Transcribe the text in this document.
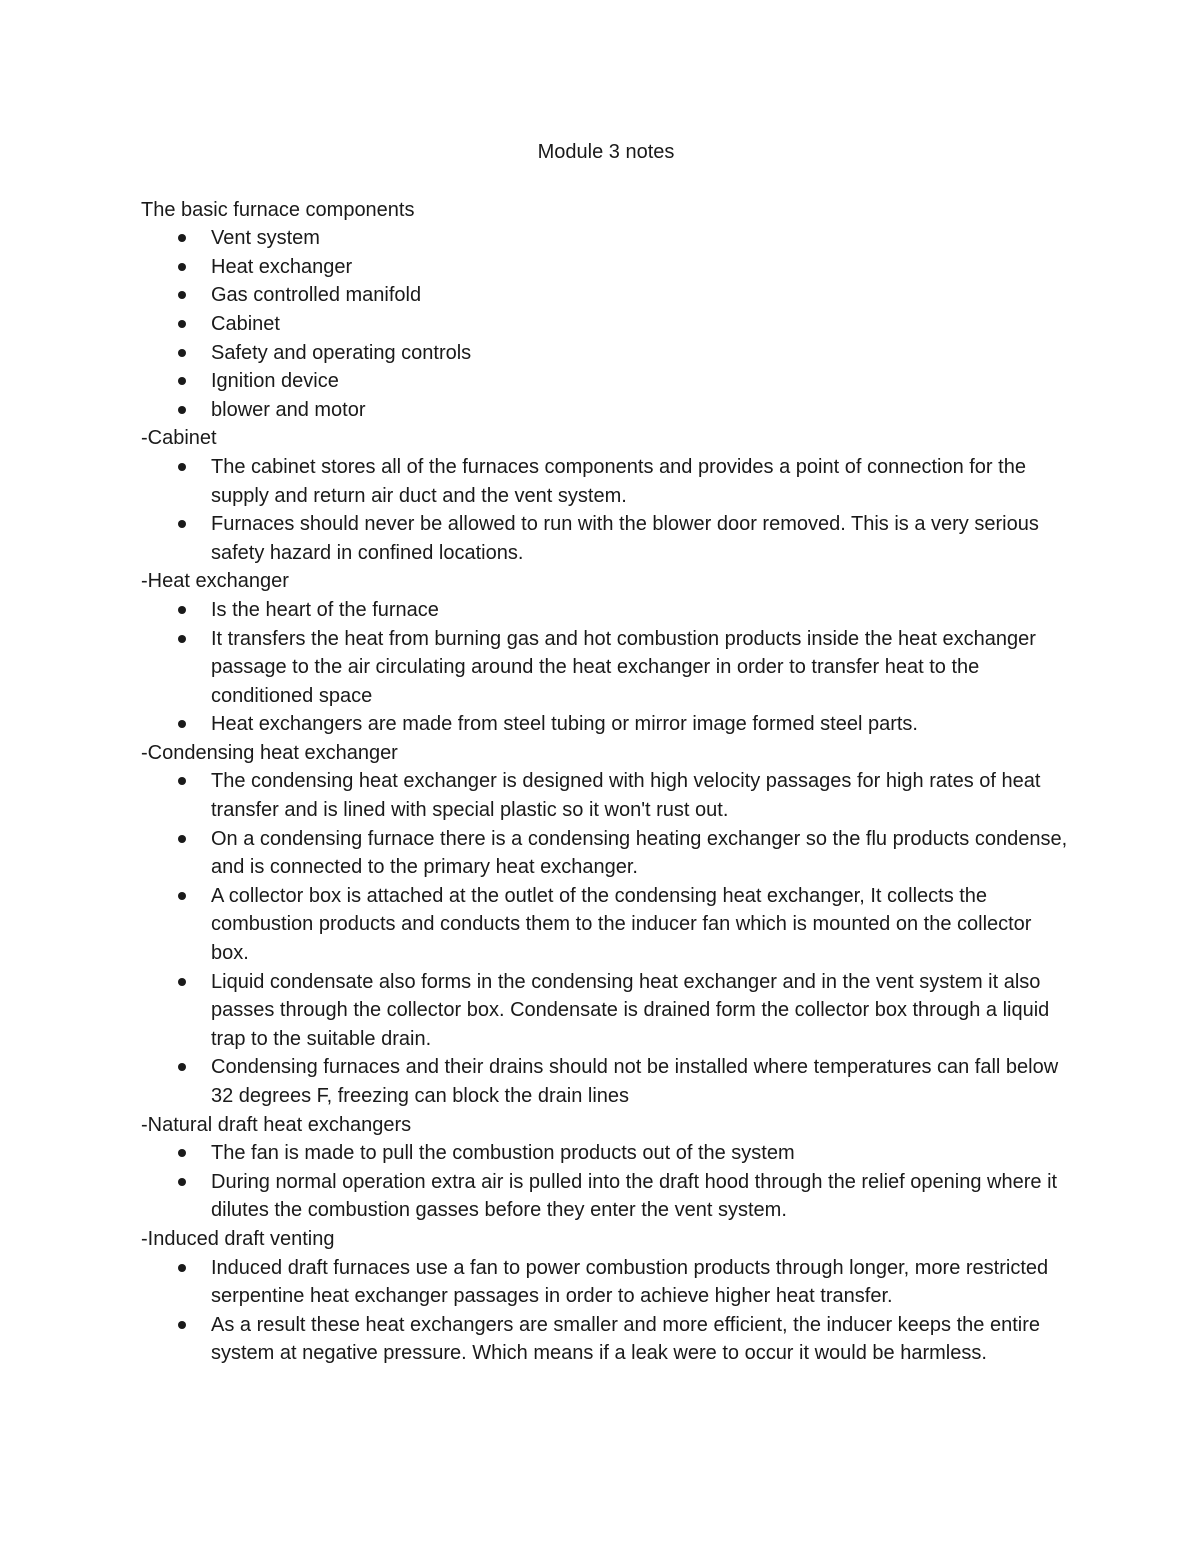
Module 3 notes
The basic furnace components
Vent system
Heat exchanger
Gas controlled manifold
Cabinet
Safety and operating controls
Ignition device
blower and motor
-Cabinet
The cabinet stores all of the furnaces components and provides a point of connection for the supply and return air duct and the vent system.
Furnaces should never be allowed to run with the blower door removed. This is a very serious safety hazard in confined locations.
-Heat exchanger
Is the heart of the furnace
It transfers the heat from burning gas and hot combustion products inside the heat exchanger passage to the air circulating around the heat exchanger in order to transfer heat to the conditioned space
Heat exchangers are made from steel tubing or mirror image formed steel parts.
-Condensing heat exchanger
The condensing heat exchanger is designed with high velocity passages for high rates of heat transfer and is lined with special plastic so it won't rust out.
On a condensing furnace there is a condensing heating exchanger so the flu products condense, and is connected to the primary heat exchanger.
A collector box is attached at the outlet of the condensing heat exchanger, It collects the combustion products and conducts them to the inducer fan which is mounted on the collector box.
Liquid condensate also forms in the condensing heat exchanger and in the vent system it also passes through the collector box. Condensate is drained form the collector box through a liquid trap to the suitable drain.
Condensing furnaces and their drains should not be installed where temperatures can fall below 32 degrees F, freezing can block the drain lines
-Natural draft heat exchangers
The fan is made to pull the combustion products out of the system
During normal operation extra air is pulled into the draft hood through the relief opening where it dilutes the combustion gasses before they enter the vent system.
-Induced draft venting
Induced draft furnaces use a fan to power combustion products through longer, more restricted serpentine heat exchanger passages in order to achieve higher heat transfer.
As a result these heat exchangers are smaller and more efficient, the inducer keeps the entire system at negative pressure. Which means if a leak were to occur it would be harmless.
